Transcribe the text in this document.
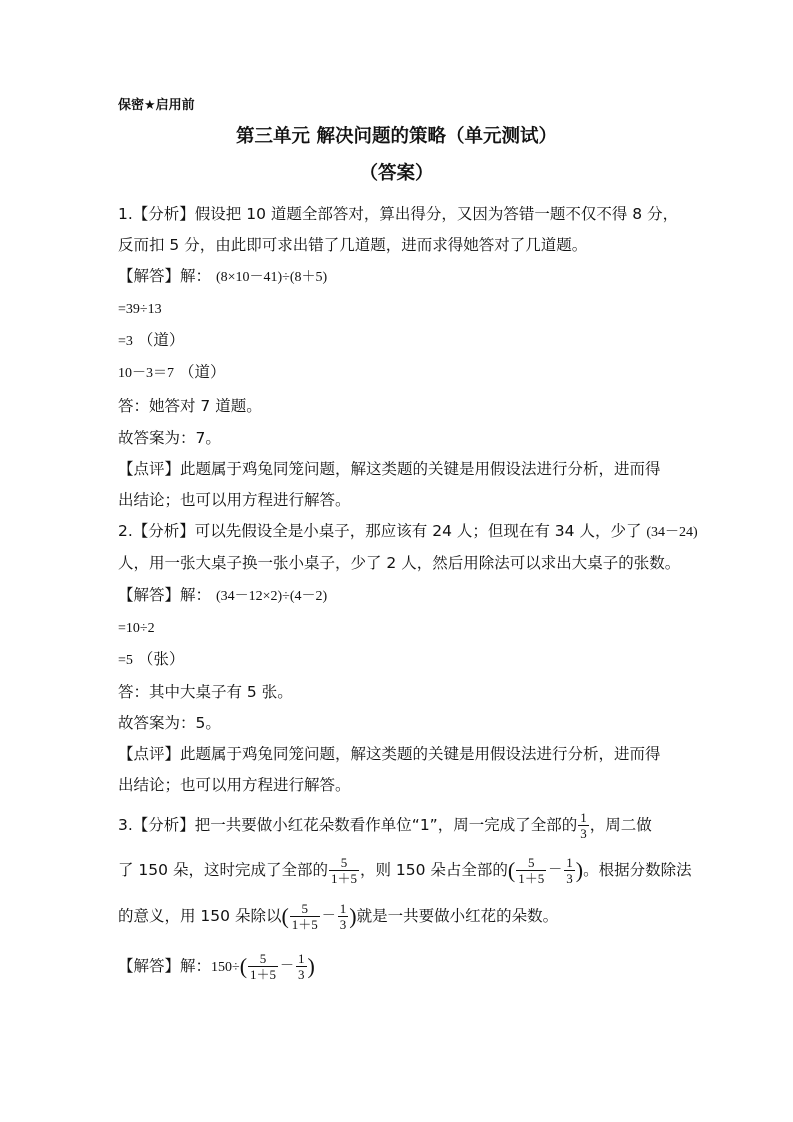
保密★启用前
第三单元 解决问题的策略（单元测试）
（答案）
1.【分析】假设把 10 道题全部答对，算出得分，又因为答错一题不仅不得 8 分，
反而扣 5 分，由此即可求出错了几道题，进而求得她答对了几道题。
【解答】解： (8×10－41)÷(8＋5)
=39÷13
=3 （道）
10－3＝7 （道）
答：她答对 7 道题。
故答案为：7。
【点评】此题属于鸡兔同笼问题，解这类题的关键是用假设法进行分析，进而得
出结论；也可以用方程进行解答。
2.【分析】可以先假设全是小桌子，那应该有 24 人；但现在有 34 人，少了 (34－24)
人，用一张大桌子换一张小桌子，少了 2 人，然后用除法可以求出大桌子的张数。
【解答】解： (34－12×2)÷(4－2)
=10÷2
=5 （张）
答：其中大桌子有 5 张。
故答案为：5。
【点评】此题属于鸡兔同笼问题，解这类题的关键是用假设法进行分析，进而得
出结论；也可以用方程进行解答。
3.【分析】把一共要做小红花朵数看作单位“1”，周一完成了全部的 $\frac{1}{3}$ ，周二做
了 150 朵，这时完成了全部的 $\frac{5}{1+5}$ ，则 150 朵占全部的( $\frac{5}{1+5} - \frac{1}{3}$ )。根据分数除法
的意义，用 150 朵除以( $\frac{5}{1+5} - \frac{1}{3}$ )就是一共要做小红花的朵数。
【解答】解：$150\div( \frac{5}{1+5} - \frac{1}{3}$ )
